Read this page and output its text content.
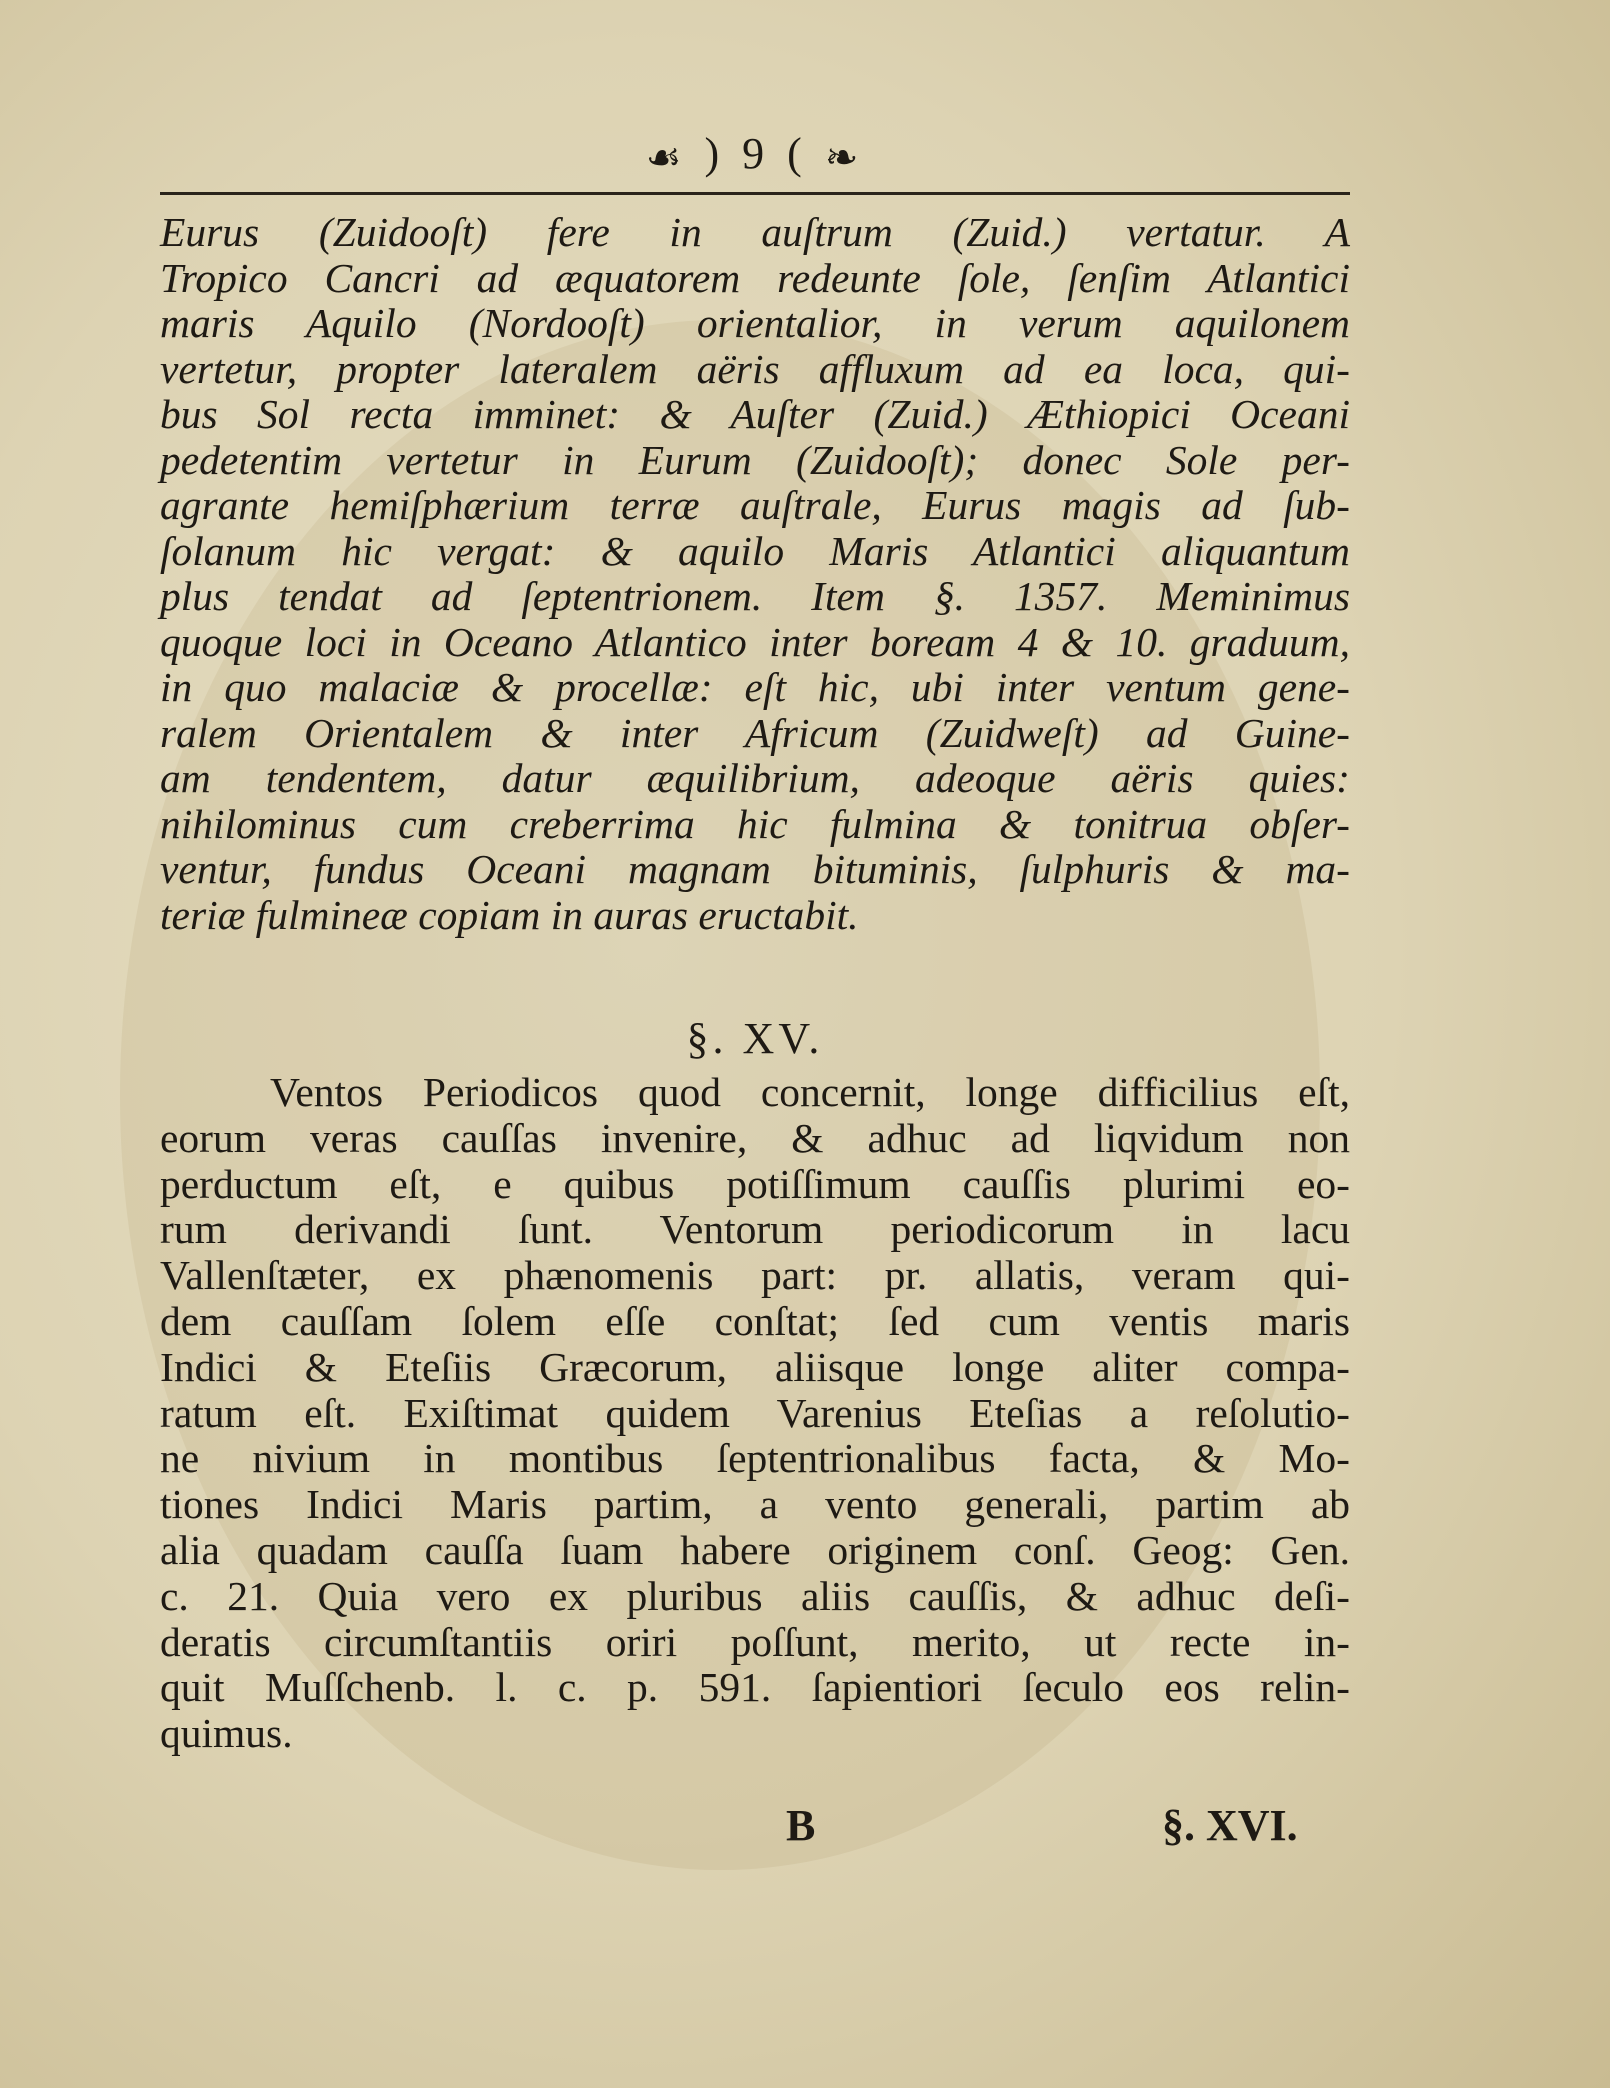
☙ ) 9 ( ❧
Eurus (Zuidooſt) fere in auſtrum (Zuid.) vertatur. A
Tropico Cancri ad æquatorem redeunte ſole, ſenſim Atlantici
maris Aquilo (Nordooſt) orientalior, in verum aquilonem
vertetur, propter lateralem aëris affluxum ad ea loca, qui-
bus Sol recta imminet: & Auſter (Zuid.) Æthiopici Oceani
pedetentim vertetur in Eurum (Zuidooſt); donec Sole per-
agrante hemiſphærium terræ auſtrale, Eurus magis ad ſub-
ſolanum hic vergat: & aquilo Maris Atlantici aliquantum
plus tendat ad ſeptentrionem. Item §. 1357. Meminimus
quoque loci in Oceano Atlantico inter boream 4 & 10. graduum,
in quo malaciæ & procellæ: eſt hic, ubi inter ventum gene-
ralem Orientalem & inter Africum (Zuidweſt) ad Guine-
am tendentem, datur æquilibrium, adeoque aëris quies:
nihilominus cum creberrima hic fulmina & tonitrua obſer-
ventur, fundus Oceani magnam bituminis, ſulphuris & ma-
teriæ fulmineæ copiam in auras eructabit.
§. XV.
Ventos Periodicos quod concernit, longe difficilius eſt,
eorum veras cauſſas invenire, & adhuc ad liqvidum non
perductum eſt, e quibus potiſſimum cauſſis plurimi eo-
rum derivandi ſunt. Ventorum periodicorum in lacu
Vallenſtæter, ex phænomenis part: pr. allatis, veram qui-
dem cauſſam ſolem eſſe conſtat; ſed cum ventis maris
Indici & Eteſiis Græcorum, aliisque longe aliter compa-
ratum eſt. Exiſtimat quidem Varenius Eteſias a reſolutio-
ne nivium in montibus ſeptentrionalibus facta, & Mo-
tiones Indici Maris partim, a vento generali, partim ab
alia quadam cauſſa ſuam habere originem conſ. Geog: Gen.
c. 21. Quia vero ex pluribus aliis cauſſis, & adhuc deſi-
deratis circumſtantiis oriri poſſunt, merito, ut recte in-
quit Muſſchenb. l. c. p. 591. ſapientiori ſeculo eos relin-
quimus.
B	§. XVI.
